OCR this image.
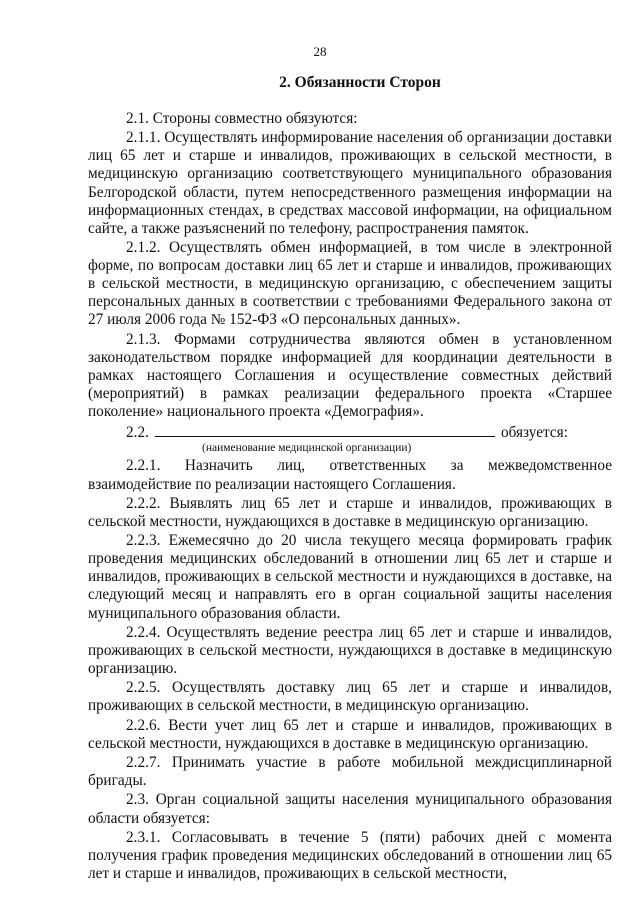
28
2. Обязанности Сторон

2.1. Стороны совместно обязуются:

2.1.1. Осуществлять информирование населения об организации доставки лиц 65 лет и старше и инвалидов, проживающих в сельской местности, в медицинскую организацию соответствующего муниципального образования Белгородской области, путем непосредственного размещения информации на информационных стендах, в средствах массовой информации, на официальном сайте, а также разъяснений по телефону, распространения памяток.

2.1.2. Осуществлять обмен информацией, в том числе в электронной форме, по вопросам доставки лиц 65 лет и старше и инвалидов, проживающих в сельской местности, в медицинскую организацию, с обеспечением защиты персональных данных в соответствии с требованиями Федерального закона от 27 июля 2006 года № 152-ФЗ «О персональных данных».

2.1.3. Формами сотрудничества являются обмен в установленном законодательством порядке информацией для координации деятельности в рамках настоящего Соглашения и осуществление совместных действий (мероприятий) в рамках реализации федерального проекта «Старшее поколение» национального проекта «Демография».

2.2.	обязуется:
(наименование медицинской организации)

2.2.1. Назначить лиц, ответственных за межведомственное взаимодействие по реализации настоящего Соглашения.

2.2.2. Выявлять лиц 65 лет и старше и инвалидов, проживающих в сельской местности, нуждающихся в доставке в медицинскую организацию.

2.2.3. Ежемесячно до 20 числа текущего месяца формировать график проведения медицинских обследований в отношении лиц 65 лет и старше и инвалидов, проживающих в сельской местности и нуждающихся в доставке, на следующий месяц и направлять его в орган социальной защиты населения муниципального образования области.

2.2.4. Осуществлять ведение реестра лиц 65 лет и старше и инвалидов, проживающих в сельской местности, нуждающихся в доставке в медицинскую организацию.

2.2.5. Осуществлять доставку лиц 65 лет и старше и инвалидов, проживающих в сельской местности, в медицинскую организацию.

2.2.6. Вести учет лиц 65 лет и старше и инвалидов, проживающих в сельской местности, нуждающихся в доставке в медицинскую организацию.

2.2.7. Принимать участие в работе мобильной междисциплинарной бригады.

2.3. Орган социальной защиты населения муниципального образования области обязуется:

2.3.1. Согласовывать в течение 5 (пяти) рабочих дней с момента получения график проведения медицинских обследований в отношении лиц 65 лет и старше и инвалидов, проживающих в сельской местности,
